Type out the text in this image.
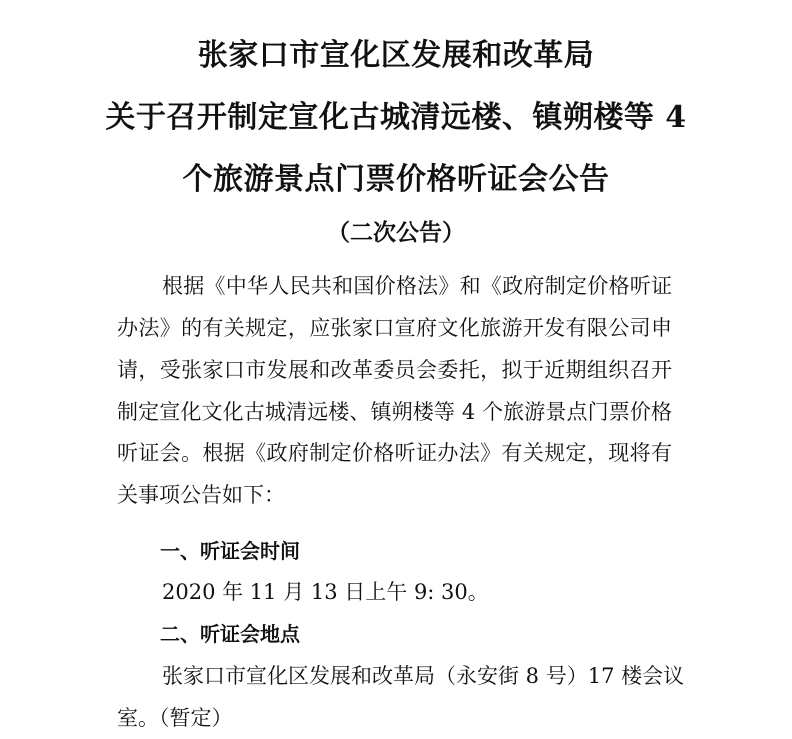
张家口市宣化区发展和改革局
关于召开制定宣化古城清远楼、镇朔楼等 4
个旅游景点门票价格听证会公告
（二次公告）
根据《中华人民共和国价格法》和《政府制定价格听证
办法》的有关规定，应张家口宣府文化旅游开发有限公司申
请，受张家口市发展和改革委员会委托，拟于近期组织召开
制定宣化文化古城清远楼、镇朔楼等 4 个旅游景点门票价格
听证会。根据《政府制定价格听证办法》有关规定，现将有
关事项公告如下：
一、听证会时间
2020 年 11 月 13 日上午 9: 30。
二、听证会地点
张家口市宣化区发展和改革局（永安街 8 号）17 楼会议
室。（暂定）
